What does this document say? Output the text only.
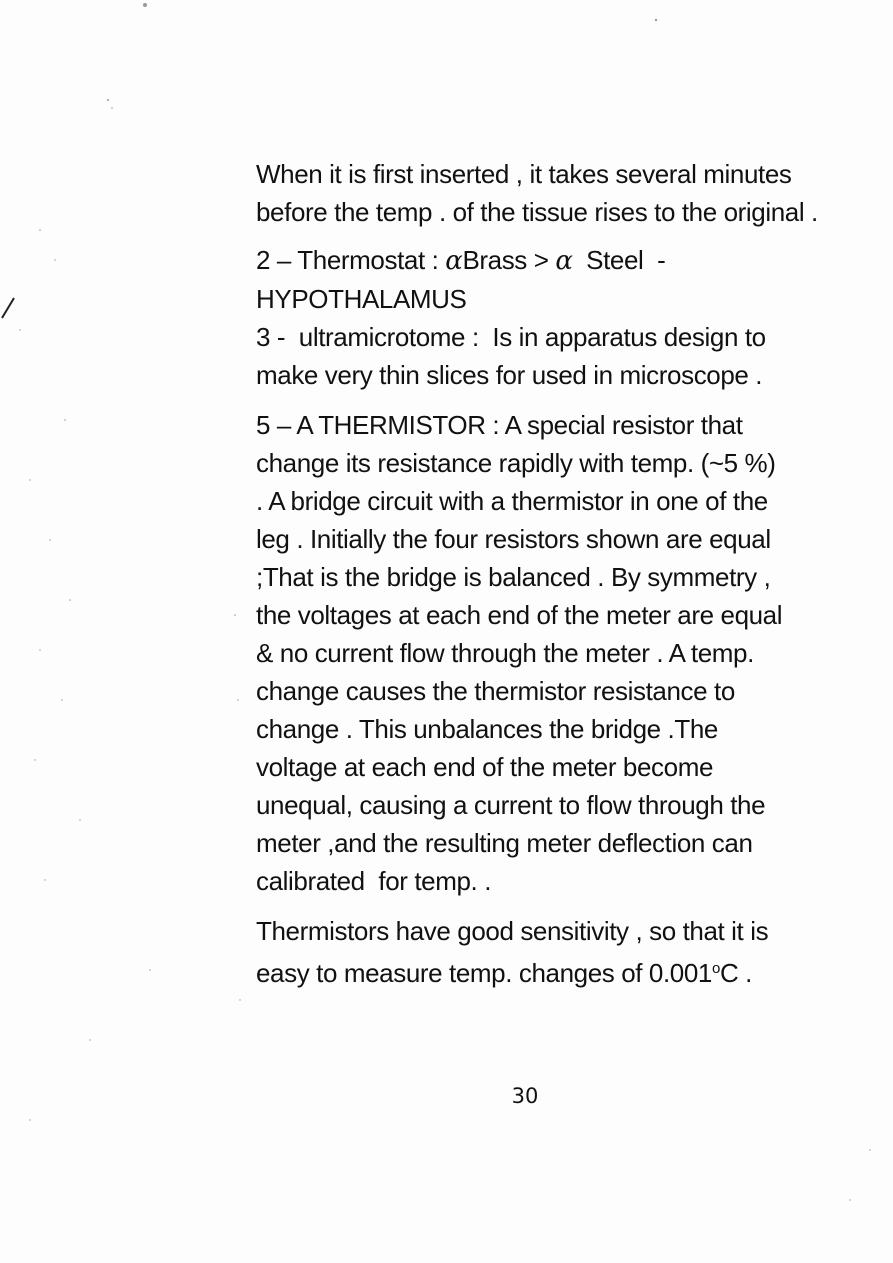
When it is first inserted , it takes several minutes
before the temp . of the tissue rises to the original .
2 – Thermostat : αBrass > α  Steel  -
HYPOTHALAMUS
3 -  ultramicrotome :  Is in apparatus design to
make very thin slices for used in microscope .
5 – A THERMISTOR : A special resistor that
change its resistance rapidly with temp. (~5 %)
. A bridge circuit with a thermistor in one of the
leg . Initially the four resistors shown are equal
;That is the bridge is balanced . By symmetry ,
the voltages at each end of the meter are equal
& no current flow through the meter . A temp.
change causes the thermistor resistance to
change . This unbalances the bridge .The
voltage at each end of the meter become
unequal, causing a current to flow through the
meter ,and the resulting meter deflection can
calibrated  for temp. .
Thermistors have good sensitivity , so that it is
easy to measure temp. changes of 0.001$^o$C .
30
